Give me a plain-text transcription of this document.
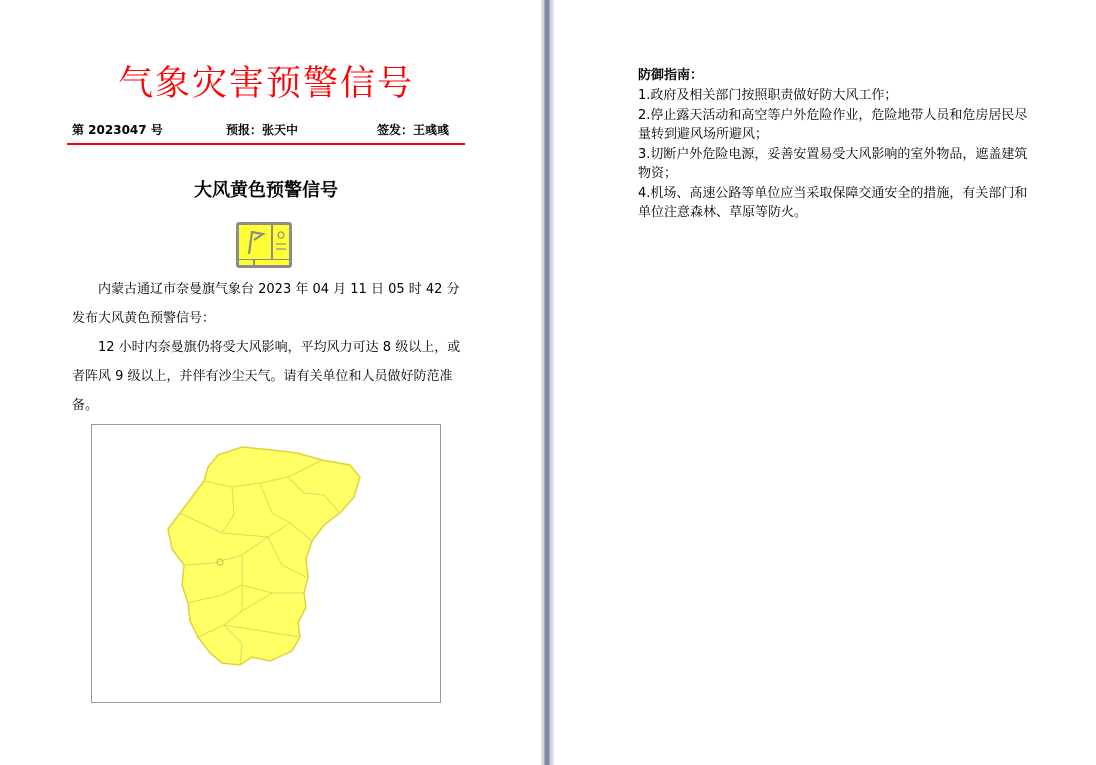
气象灾害预警信号
第 2023047 号	预报：张天中	签发：王彧彧
大风黄色预警信号
内蒙古通辽市奈曼旗气象台 2023 年 04 月 11 日 05 时 42 分发布大风黄色预警信号：
12 小时内奈曼旗仍将受大风影响，平均风力可达 8 级以上，或者阵风 9 级以上，并伴有沙尘天气。请有关单位和人员做好防范准备。
防御指南：

1.政府及相关部门按照职责做好防大风工作；

2.停止露天活动和高空等户外危险作业，危险地带人员和危房居民尽量转到避风场所避风；

3.切断户外危险电源，妥善安置易受大风影响的室外物品，遮盖建筑物资；

4.机场、高速公路等单位应当采取保障交通安全的措施，有关部门和单位注意森林、草原等防火。
